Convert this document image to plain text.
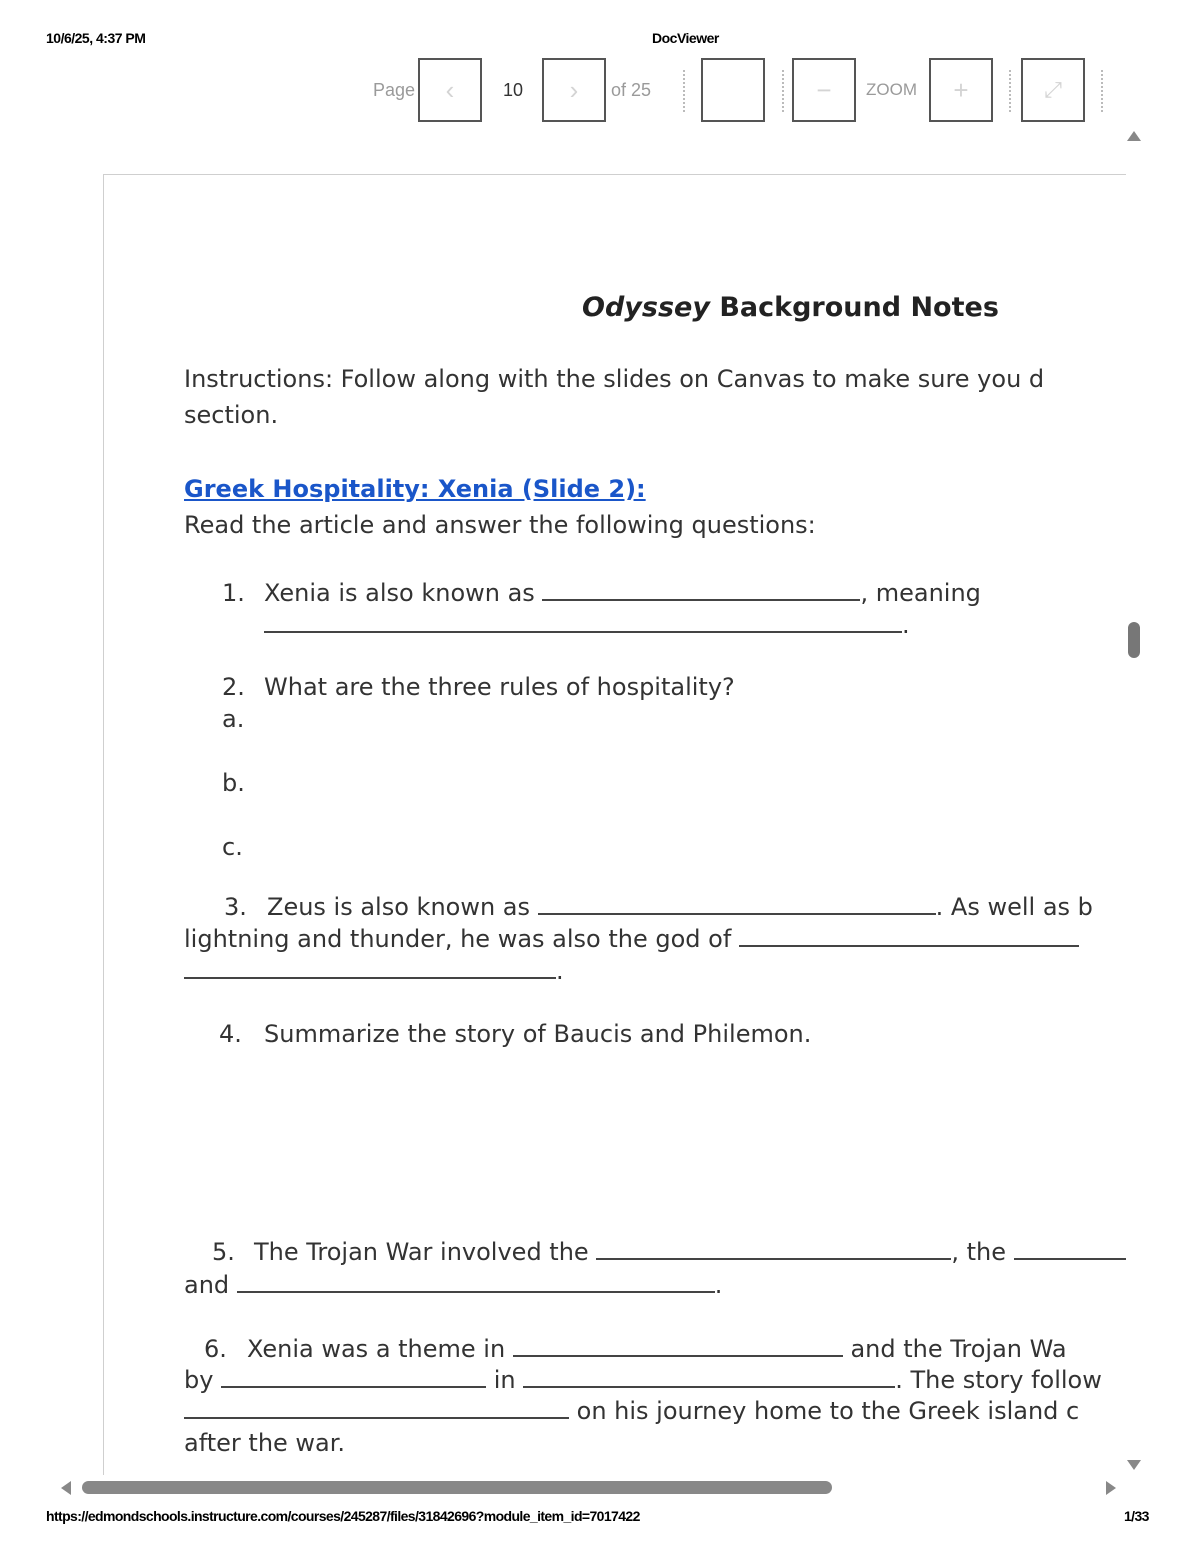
10/6/25, 4:37 PM	DocViewer
Page ‹	10 › of 25	− ZOOM +	⤢
Odyssey Background Notes
Instructions: Follow along with the slides on Canvas to make sure you d
section.
Greek Hospitality: Xenia (Slide 2):
Read the article and answer the following questions:
1. Xenia is also known as	, meaning
.
2. What are the three rules of hospitality?
a.
b.
c.
3. Zeus is also known as	. As well as b
lightning and thunder, he was also the god of
.
4. Summarize the story of Baucis and Philemon.
5. The Trojan War involved the	, the
and	.
6. Xenia was a theme in	and the Trojan Wa
by	in	. The story follow
on his journey home to the Greek island c
after the war.
https://edmondschools.instructure.com/courses/245287/files/31842696?module_item_id=7017422	1/33
